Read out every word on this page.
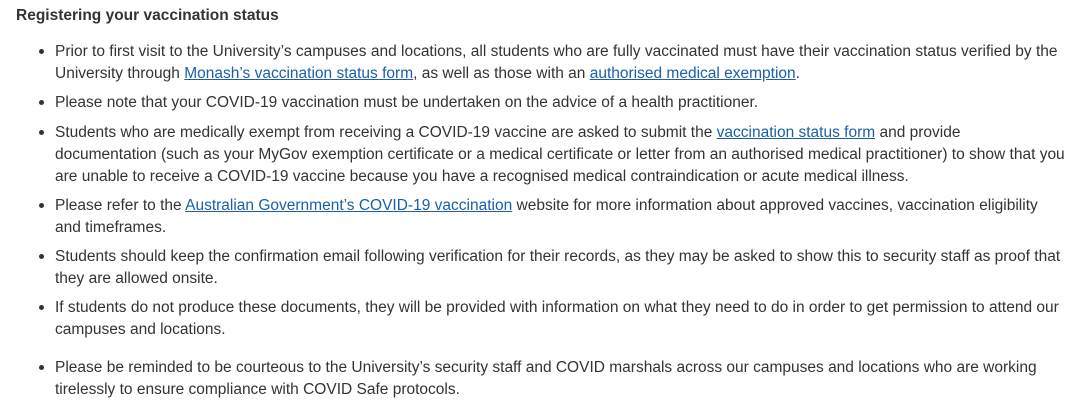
Registering your vaccination status
Prior to first visit to the University’s campuses and locations, all students who are fully vaccinated must have their vaccination status verified by the University through Monash’s vaccination status form, as well as those with an authorised medical exemption.
Please note that your COVID-19 vaccination must be undertaken on the advice of a health practitioner.
Students who are medically exempt from receiving a COVID-19 vaccine are asked to submit the vaccination status form and provide documentation (such as your MyGov exemption certificate or a medical certificate or letter from an authorised medical practitioner) to show that you are unable to receive a COVID-19 vaccine because you have a recognised medical contraindication or acute medical illness.
Please refer to the Australian Government’s COVID-19 vaccination website for more information about approved vaccines, vaccination eligibility and timeframes.
Students should keep the confirmation email following verification for their records, as they may be asked to show this to security staff as proof that they are allowed onsite.
If students do not produce these documents, they will be provided with information on what they need to do in order to get permission to attend our campuses and locations.
Please be reminded to be courteous to the University’s security staff and COVID marshals across our campuses and locations who are working tirelessly to ensure compliance with COVID Safe protocols.
